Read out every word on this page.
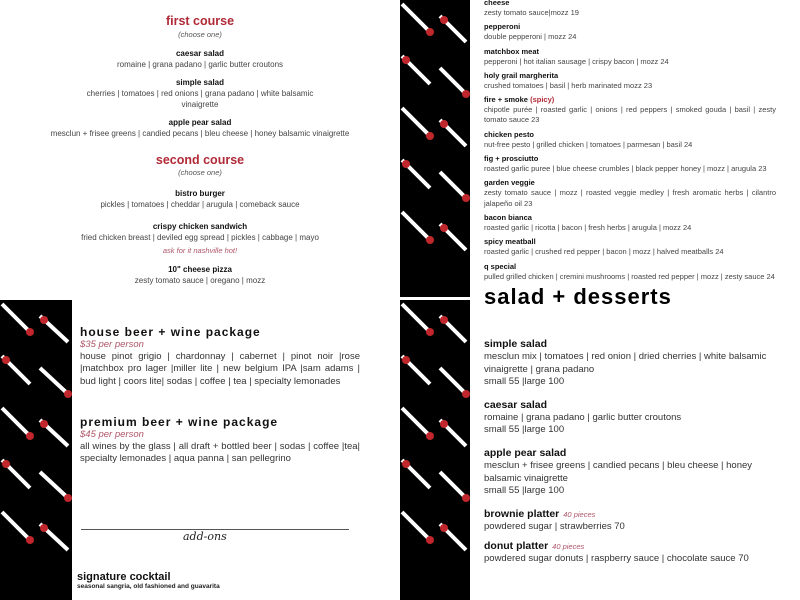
first course
(choose one)
caesar salad
romaine | grana padano | garlic butter croutons
simple salad
cherries | tomatoes | red onions | grana padano | white balsamic vinaigrette
apple pear salad
mesclun + frisee greens | candied pecans | bleu cheese | honey balsamic vinaigrette
second course
(choose one)
bistro burger
pickles | tomatoes | cheddar | arugula | comeback sauce
crispy chicken sandwich
fried chicken breast | deviled egg spread | pickles | cabbage | mayo
ask for it nashville hot!
10" cheese pizza
zesty tomato sauce | oregano | mozz
cheese
zesty tomato sauce|mozz 19
pepperoni
double pepperoni | mozz 24
matchbox meat
pepperoni | hot italian sausage | crispy bacon | mozz 24
holy grail margherita
crushed tomatoes | basil | herb marinated mozz 23
fire + smoke (spicy)
chipotle purée | roasted garlic | onions | red peppers | smoked gouda | basil | zesty tomato sauce 23
chicken pesto
nut-free pesto | grilled chicken | tomatoes | parmesan | basil 24
fig + prosciutto
roasted garlic puree | blue cheese crumbles | black pepper honey | mozz | arugula 23
garden veggie
zesty tomato sauce | mozz | roasted veggie medley | fresh aromatic herbs | cilantro jalapeño oil 23
bacon bianca
roasted garlic | ricotta | bacon | fresh herbs | arugula | mozz 24
spicy meatball
roasted garlic | crushed red pepper | bacon | mozz | halved meatballs 24
q special
pulled grilled chicken | cremini mushrooms | roasted red pepper | mozz | zesty sauce 24
house beer + wine package
$35 per person
house pinot grigio | chardonnay | cabernet | pinot noir |rose |matchbox pro lager |miller lite | new belgium IPA |sam adams | bud light | coors lite| sodas | coffee | tea | specialty lemonades
premium beer + wine package
$45 per person
all wines by the glass | all draft + bottled beer | sodas | coffee |tea| specialty lemonades | aqua panna | san pellegrino
add-ons
signature cocktail
seasonal sangria, old fashioned and guavarita
salad + desserts
simple salad
mesclun mix | tomatoes | red onion | dried cherries | white balsamic vinaigrette | grana padano
small 55 |large 100
caesar salad
romaine | grana padano | garlic butter croutons
small 55 |large 100
apple pear salad
mesclun + frisee greens | candied pecans | bleu cheese | honey balsamic vinaigrette
small 55 |large 100
brownie platter 40 pieces
powdered sugar | strawberries 70
donut platter 40 pieces
powdered sugar donuts | raspberry sauce | chocolate sauce 70
